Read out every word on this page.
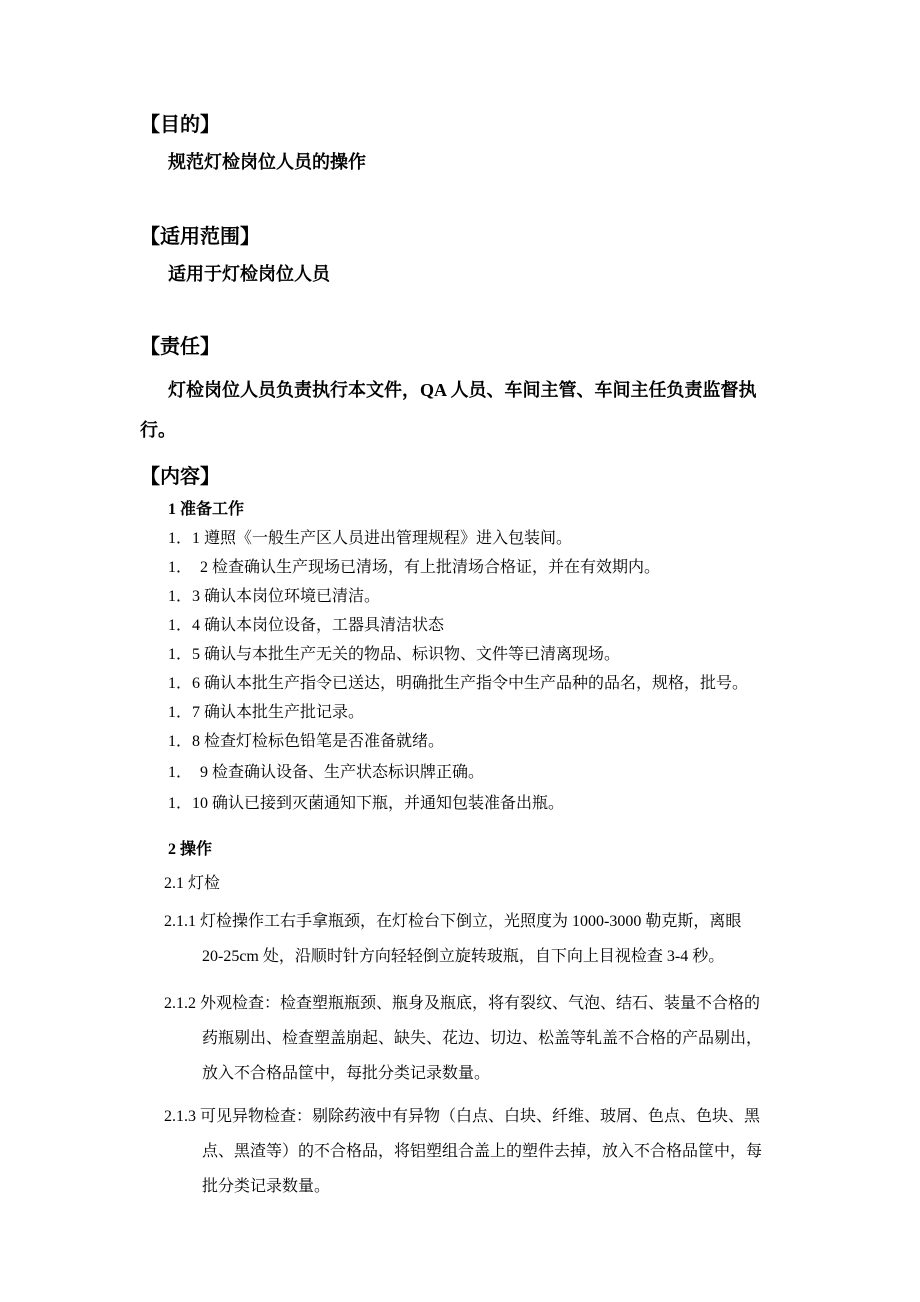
【目的】
规范灯检岗位人员的操作
【适用范围】
适用于灯检岗位人员
【责任】
灯检岗位人员负责执行本文件，QA 人员、车间主管、车间主任负责监督执
行。
【内容】
1 准备工作
1．1 遵照《一般生产区人员进出管理规程》进入包装间。
1．  2 检查确认生产现场已清场，有上批清场合格证，并在有效期内。
1．3 确认本岗位环境已清洁。
1．4 确认本岗位设备，工器具清洁状态
1．5 确认与本批生产无关的物品、标识物、文件等已清离现场。
1．6 确认本批生产指令已送达，明确批生产指令中生产品种的品名，规格，批号。
1．7 确认本批生产批记录。
1．8 检查灯检标色铅笔是否准备就绪。
1．  9 检查确认设备、生产状态标识牌正确。
1．10 确认已接到灭菌通知下瓶，并通知包装准备出瓶。
2 操作
2.1 灯检
2.1.1 灯检操作工右手拿瓶颈，在灯检台下倒立，光照度为 1000-3000 勒克斯，离眼
20-25cm 处，沿顺时针方向轻轻倒立旋转玻瓶，自下向上目视检查 3-4 秒。
2.1.2 外观检查：检查塑瓶瓶颈、瓶身及瓶底，将有裂纹、气泡、结石、装量不合格的
药瓶剔出、检查塑盖崩起、缺失、花边、切边、松盖等轧盖不合格的产品剔出，
放入不合格品筐中，每批分类记录数量。
2.1.3 可见异物检查：剔除药液中有异物（白点、白块、纤维、玻屑、色点、色块、黑
点、黑渣等）的不合格品，将铝塑组合盖上的塑件去掉，放入不合格品筐中，每
批分类记录数量。
